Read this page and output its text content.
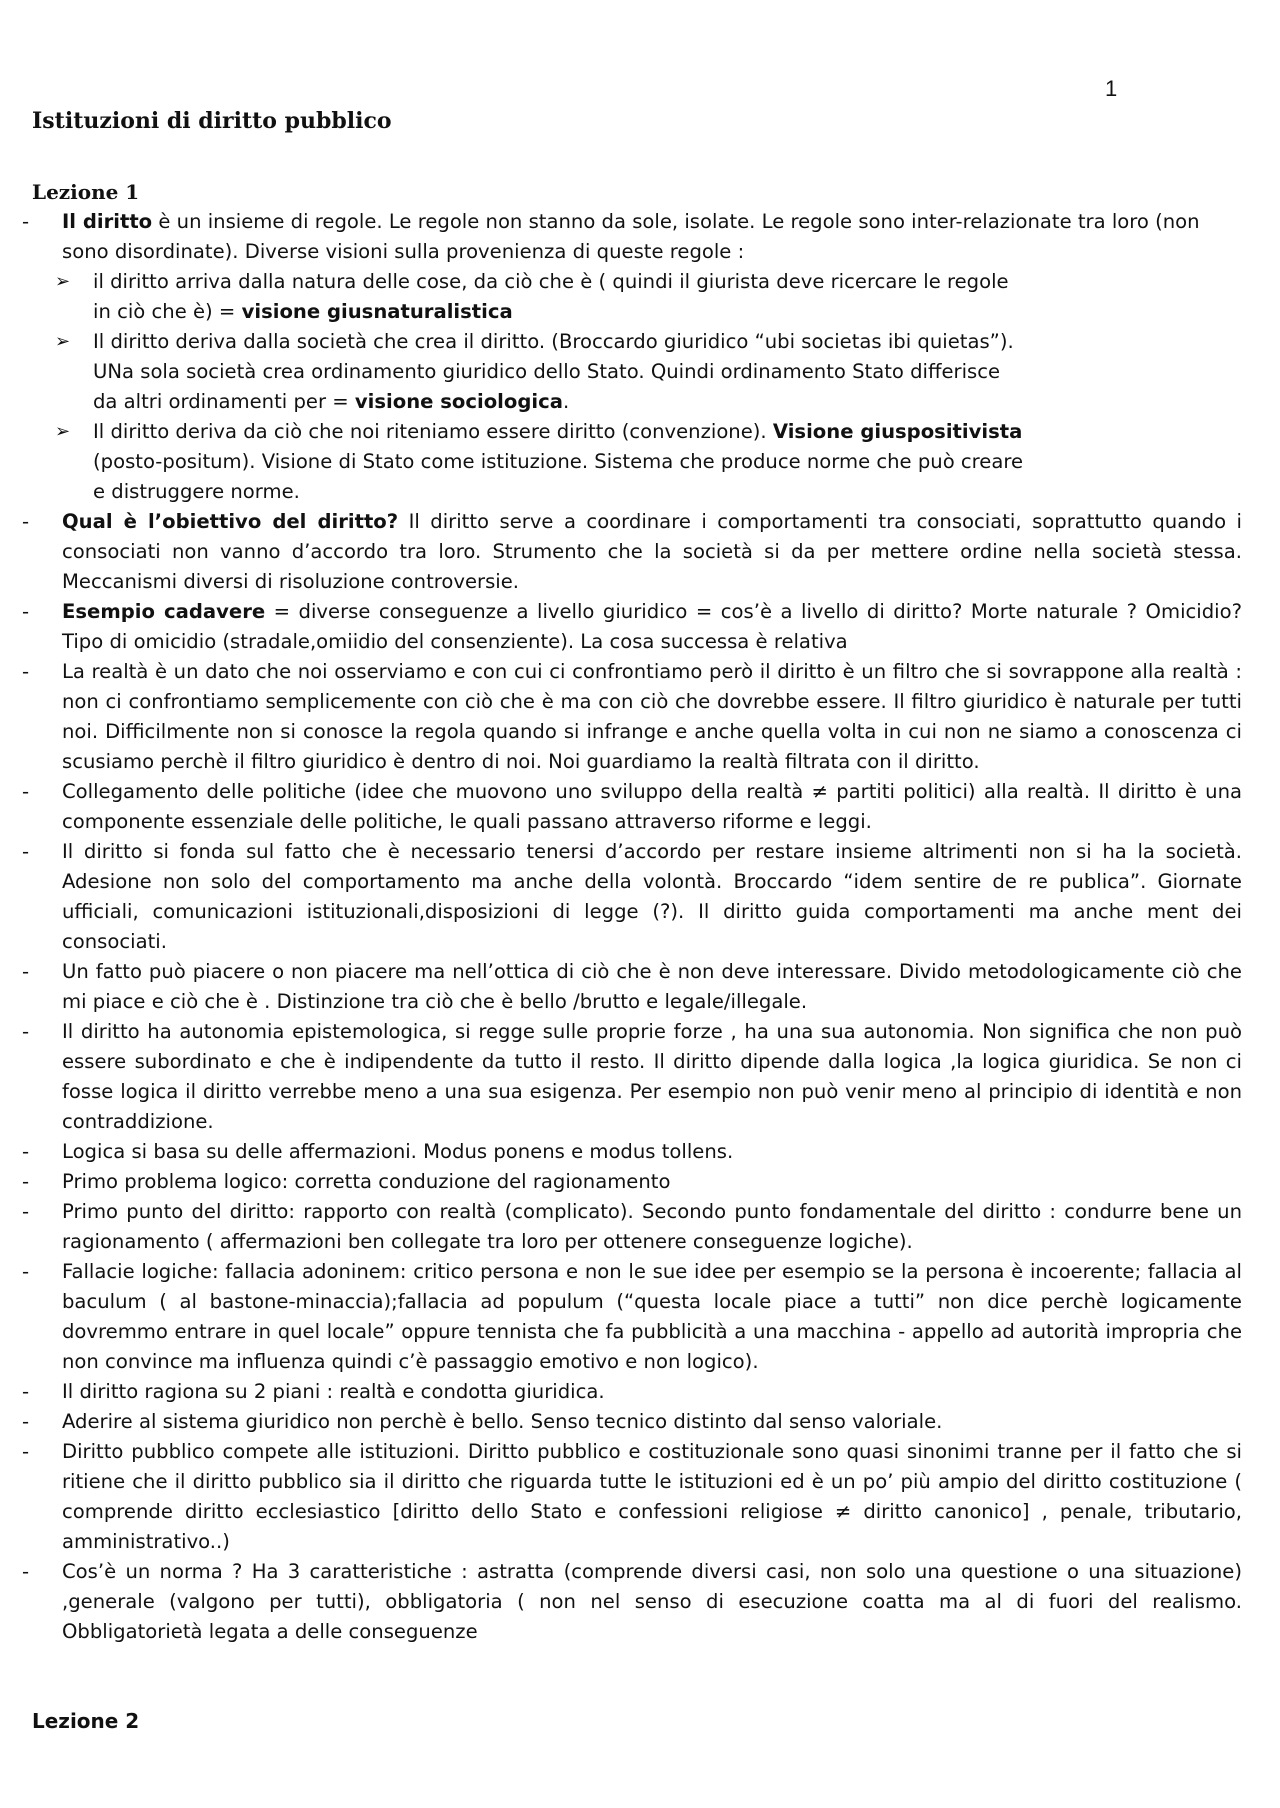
1
Istituzioni di diritto pubblico
Lezione 1
- Il diritto è un insieme di regole. Le regole non stanno da sole, isolate. Le regole sono inter-relazionate tra loro (non sono disordinate). Diverse visioni sulla provenienza di queste regole :
➢ il diritto arriva dalla natura delle cose, da ciò che è ( quindi il giurista deve ricercare le regole
in ciò che è) = visione giusnaturalistica
➢ Il diritto deriva dalla società che crea il diritto. (Broccardo giuridico “ubi societas ibi quietas”).
UNa sola società crea ordinamento giuridico dello Stato. Quindi ordinamento Stato differisce
da altri ordinamenti per = visione sociologica.
➢ Il diritto deriva da ciò che noi riteniamo essere diritto (convenzione). Visione giuspositivista
(posto-positum). Visione di Stato come istituzione. Sistema che produce norme che può creare
e distruggere norme.
- Qual è l’obiettivo del diritto? Il diritto serve a coordinare i comportamenti tra consociati, soprattutto quando i consociati non vanno d’accordo tra loro. Strumento che la società si da per mettere ordine nella società stessa. Meccanismi diversi di risoluzione controversie.
- Esempio cadavere = diverse conseguenze a livello giuridico = cos’è a livello di diritto? Morte naturale ? Omicidio?Tipo di omicidio (stradale,omiidio del consenziente). La cosa successa è relativa
- La realtà è un dato che noi osserviamo e con cui ci confrontiamo però il diritto è un filtro che si sovrappone alla realtà : non ci confrontiamo semplicemente con ciò che è ma con ciò che dovrebbe essere. Il filtro giuridico è naturale per tutti noi. Difficilmente non si conosce la regola quando si infrange e anche quella volta in cui non ne siamo a conoscenza ci scusiamo perchè il filtro giuridico è dentro di noi. Noi guardiamo la realtà filtrata con il diritto.
- Collegamento delle politiche (idee che muovono uno sviluppo della realtà ≠ partiti politici) alla realtà. Il diritto è una componente essenziale delle politiche, le quali passano attraverso riforme e leggi.
- Il diritto si fonda sul fatto che è necessario tenersi d’accordo per restare insieme altrimenti non si ha la società. Adesione non solo del comportamento ma anche della volontà. Broccardo “idem sentire de re publica”. Giornate ufficiali, comunicazioni istituzionali,disposizioni di legge (?). Il diritto guida comportamenti ma anche ment dei consociati.
- Un fatto può piacere o non piacere ma nell’ottica di ciò che è non deve interessare. Divido metodologicamente ciò che mi piace e ciò che è . Distinzione tra ciò che è bello /brutto e legale/illegale.
- Il diritto ha autonomia epistemologica, si regge sulle proprie forze , ha una sua autonomia. Non significa che non può essere subordinato e che è indipendente da tutto il resto. Il diritto dipende dalla logica ,la logica giuridica. Se non ci fosse logica il diritto verrebbe meno a una sua esigenza. Per esempio non può venir meno al principio di identità e non contraddizione.
- Logica si basa su delle affermazioni. Modus ponens e modus tollens.
- Primo problema logico: corretta conduzione del ragionamento
- Primo punto del diritto: rapporto con realtà (complicato). Secondo punto fondamentale del diritto : condurre bene un ragionamento ( affermazioni ben collegate tra loro per ottenere conseguenze logiche).
- Fallacie logiche: fallacia adoninem: critico persona e non le sue idee per esempio se la persona è incoerente; fallacia al baculum ( al bastone-minaccia);fallacia ad populum (“questa locale piace a tutti” non dice perchè logicamente dovremmo entrare in quel locale” oppure tennista che fa pubblicità a una macchina - appello ad autorità impropria che non convince ma influenza quindi c’è passaggio emotivo e non logico).
- Il diritto ragiona su 2 piani : realtà e condotta giuridica.
- Aderire al sistema giuridico non perchè è bello. Senso tecnico distinto dal senso valoriale.
- Diritto pubblico compete alle istituzioni. Diritto pubblico e costituzionale sono quasi sinonimi tranne per il fatto che si ritiene che il diritto pubblico sia il diritto che riguarda tutte le istituzioni ed è un po’ più ampio del diritto costituzione ( comprende diritto ecclesiastico [diritto dello Stato e confessioni religiose ≠ diritto canonico] , penale, tributario, amministrativo..)
- Cos’è un norma ? Ha 3 caratteristiche : astratta (comprende diversi casi, non solo una questione o una situazione) ,generale (valgono per tutti), obbligatoria ( non nel senso di esecuzione coatta ma al di fuori del realismo. Obbligatorietà legata a delle conseguenze
Lezione 2
